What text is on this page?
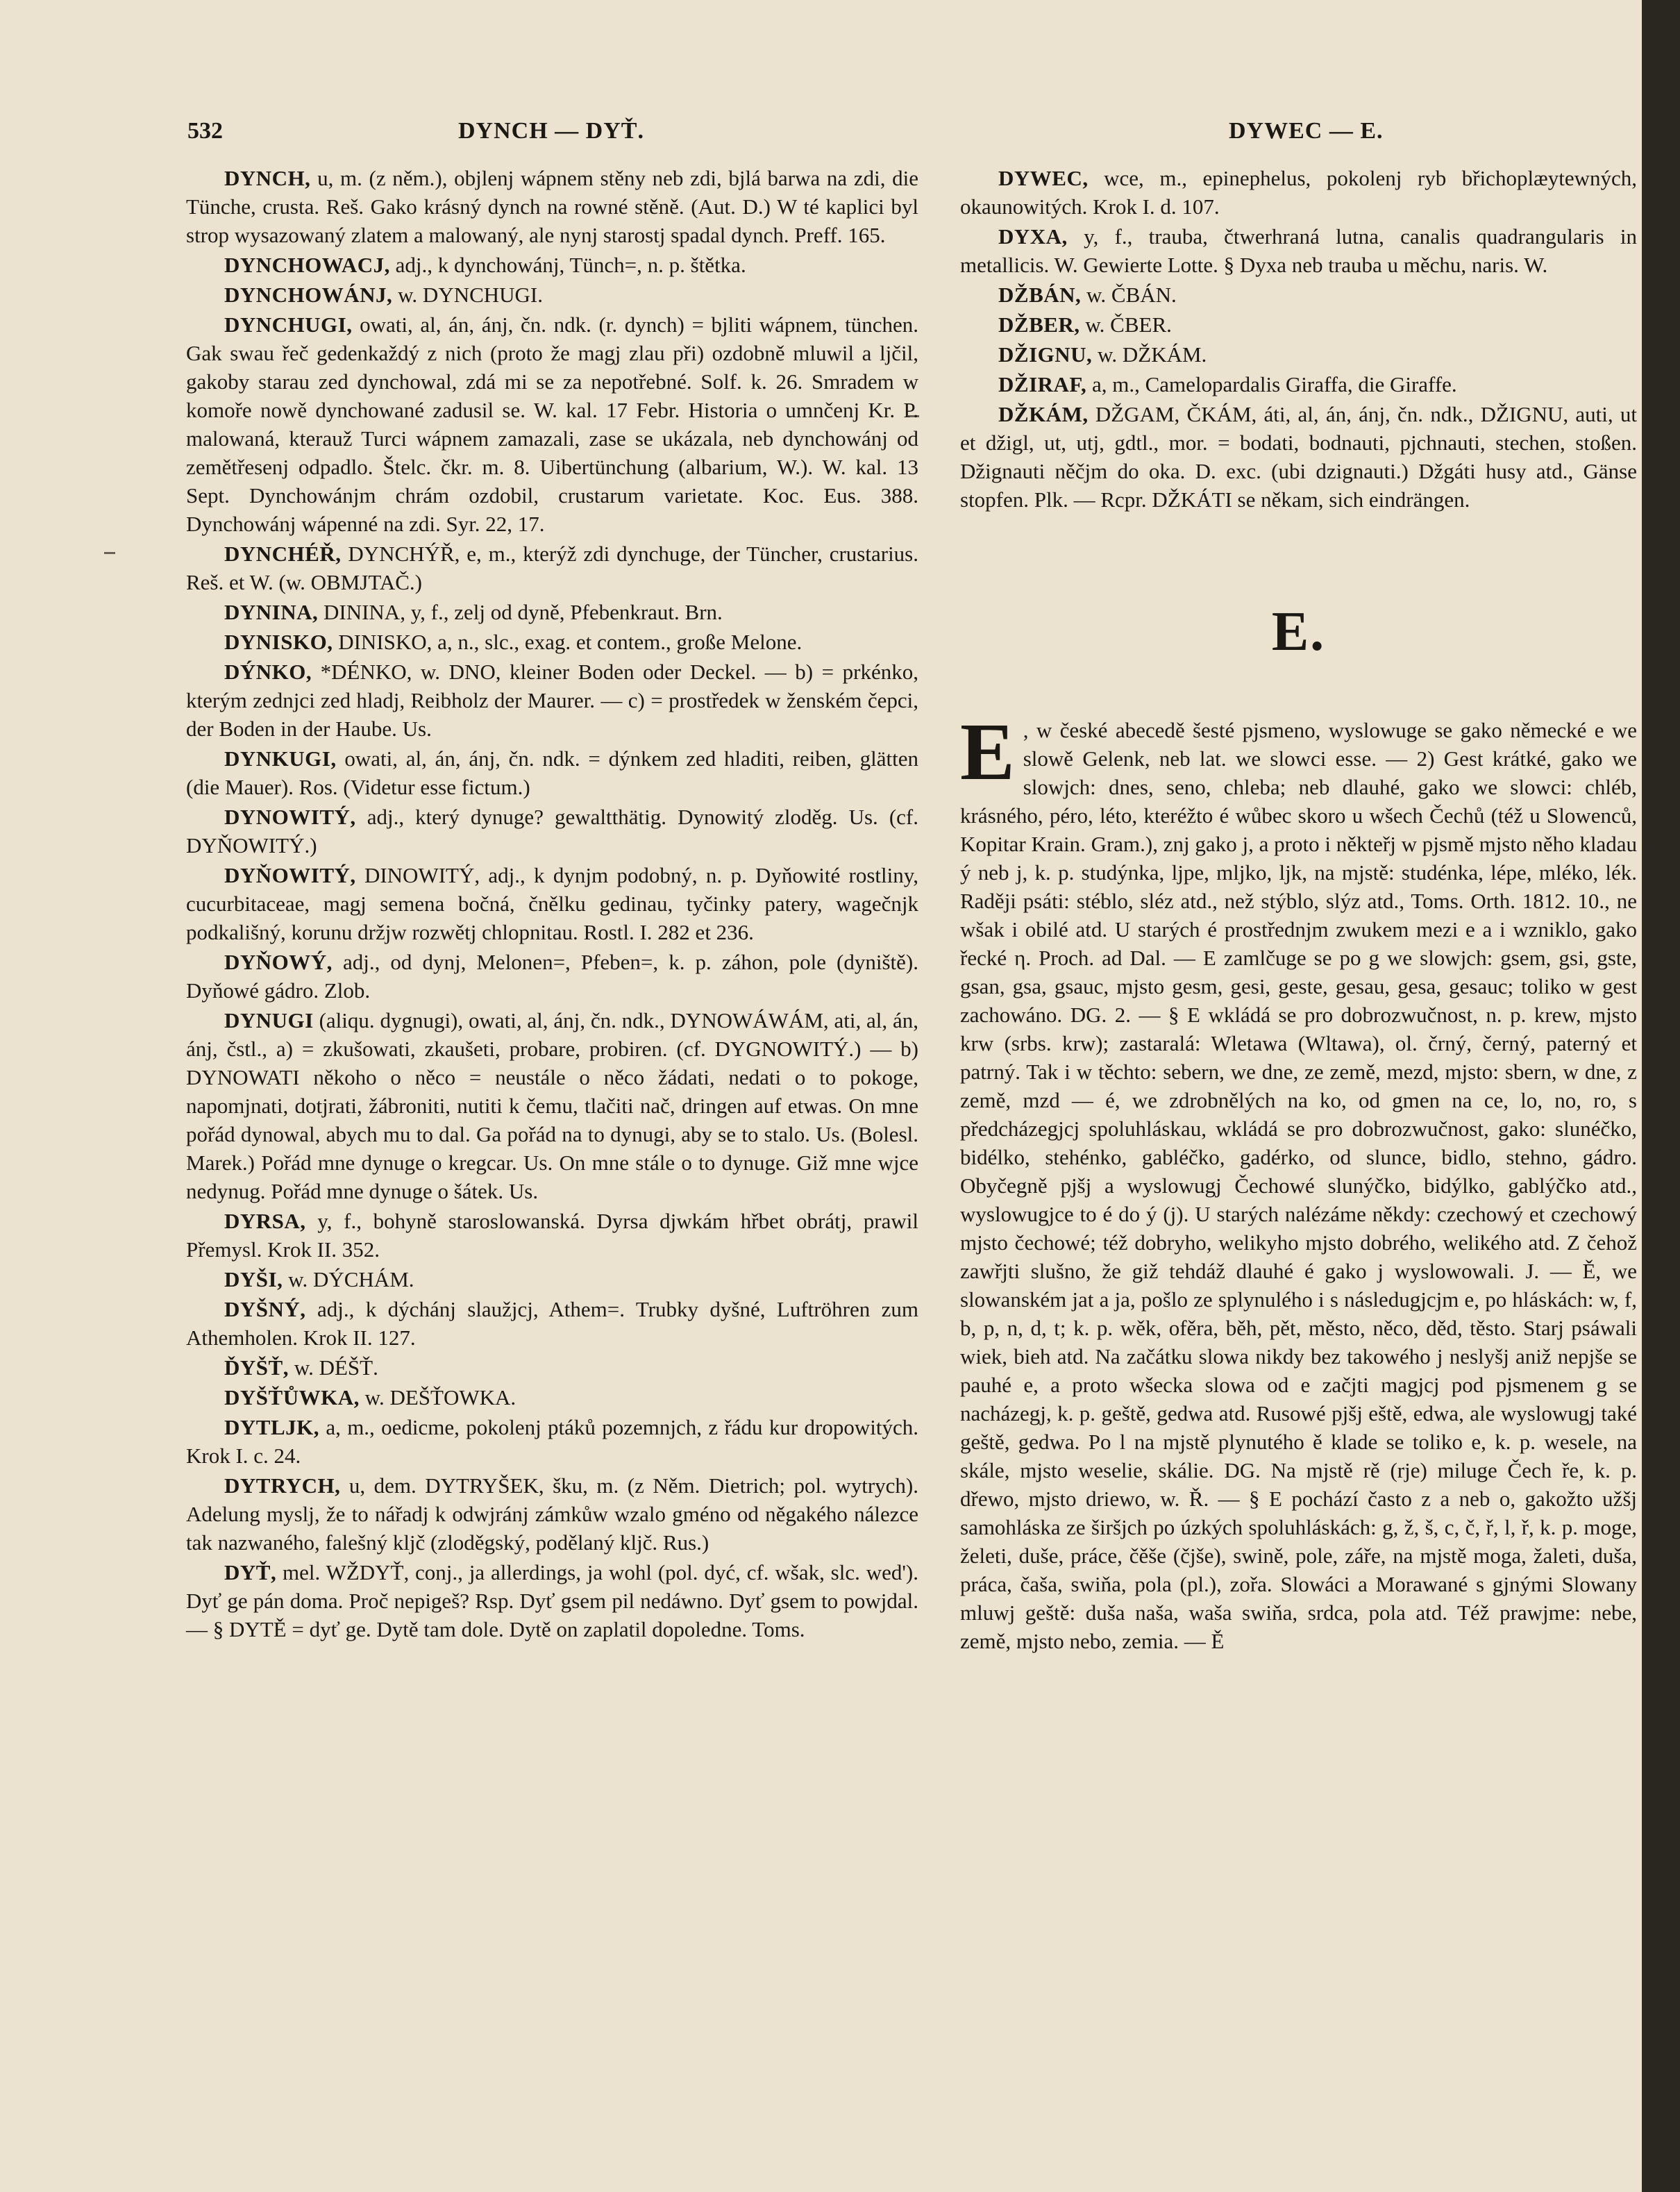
532	DYNCH — DYŤ.	DYWEC — E.

DYNCH, u, m. (z něm.), objlenj wápnem stěny neb zdi, bjlá barwa na zdi, die Tünche, crusta. Reš. Gako krásný dynch na rowné stěně. (Aut. D.) W té kaplici byl strop wysazowaný zlatem a malowaný, ale nynj starostj spadal dynch. Preff. 165.

DYNCHOWACJ, adj., k dynchowánj, Tünch=, n. p. štětka.

DYNCHOWÁNJ, w. DYNCHUGI.

DYNCHUGI, owati, al, án, ánj, čn. ndk. (r. dynch) = bjliti wápnem, tünchen. Gak swau řeč gedenkaždý z nich (proto že magj zlau při) ozdobně mluwil a ljčil, gakoby starau zed dynchowal, zdá mi se za nepotřebné. Solf. k. 26. Smradem w komoře nowě dynchowané zadusil se. W. kal. 17 Febr. Historia o umnčenj Kr. P. malowaná, kterauž Turci wápnem zamazali, zase se ukázala, neb dynchowánj od zemětřesenj odpadlo. Štelc. čkr. m. 8. Uibertünchung (albarium, W.). W. kal. 13 Sept. Dynchowánjm chrám ozdobil, crustarum varietate. Koc. Eus. 388. Dynchowánj wápenné na zdi. Syr. 22, 17.

DYNCHÉŘ, DYNCHÝŘ, e, m., kterýž zdi dynchuge, der Tüncher, crustarius. Reš. et W. (w. OBMJTAČ.)

DYNINA, DININA, y, f., zelj od dyně, Pfebenkraut. Brn.

DYNISKO, DINISKO, a, n., slc., exag. et contem., große Melone.

DÝNKO, *DÉNKO, w. DNO, kleiner Boden oder Deckel. — b) = prkénko, kterým zednjci zed hladj, Reibholz der Maurer. — c) = prostředek w ženském čepci, der Boden in der Haube. Us.

DYNKUGI, owati, al, án, ánj, čn. ndk. = dýnkem zed hladiti, reiben, glätten (die Mauer). Ros. (Videtur esse fictum.)

DYNOWITÝ, adj., který dynuge? gewaltthätig. Dynowitý zloděg. Us. (cf. DYŇOWITÝ.)

DYŇOWITÝ, DINOWITÝ, adj., k dynjm podobný, n. p. Dyňowité rostliny, cucurbitaceae, magj semena bočná, čnělku gedinau, tyčinky patery, wagečnjk podkališný, korunu držjw rozwětj chlopnitau. Rostl. I. 282 et 236.

DYŇOWÝ, adj., od dynj, Melonen=, Pfeben=, k. p. záhon, pole (dyniště). Dyňowé gádro. Zlob.

DYNUGI (aliqu. dygnugi), owati, al, ánj, čn. ndk., DYNOWÁWÁM, ati, al, án, ánj, čstl., a) = zkušowati, zkaušeti, probare, probiren. (cf. DYGNOWITÝ.) — b) DYNOWATI někoho o něco = neustále o něco žádati, nedati o to pokoge, napomjnati, dotjrati, žábroniti, nutiti k čemu, tlačiti nač, dringen auf etwas. On mne pořád dynowal, abych mu to dal. Ga pořád na to dynugi, aby se to stalo. Us. (Bolesl. Marek.) Pořád mne dynuge o kregcar. Us. On mne stále o to dynuge. Giž mne wjce nedynug. Pořád mne dynuge o šátek. Us.

DYRSA, y, f., bohyně staroslowanská. Dyrsa djwkám hřbet obrátj, prawil Přemysl. Krok II. 352.

DYŠI, w. DÝCHÁM.

DYŠNÝ, adj., k dýchánj slaužjcj, Athem=. Trubky dyšné, Luftröhren zum Athemholen. Krok II. 127.

ĎYŠŤ, w. DÉŠŤ.

DYŠŤŮWKA, w. DEŠŤOWKA.

DYTLJK, a, m., oedicme, pokolenj ptáků pozemnjch, z řádu kur dropowitých. Krok I. c. 24.

DYTRYCH, u, dem. DYTRYŠEK, šku, m. (z Něm. Dietrich; pol. wytrych). Adelung myslj, že to nářadj k odwjránj zámkůw wzalo gméno od něgakého nálezce tak nazwaného, falešný kljč (zloděgský, podělaný kljč. Rus.)

DYŤ, mel. WŽDYŤ, conj., ja allerdings, ja wohl (pol. dyć, cf. wšak, slc. wed'). Dyť ge pán doma. Proč nepigeš? Rsp. Dyť gsem pil nedáwno. Dyť gsem to powjdal. — § DYTĚ = dyť ge. Dytě tam dole. Dytě on zaplatil dopoledne. Toms.

DYWEC, wce, m., epinephelus, pokolenj ryb břichoplæytewných, okaunowitých. Krok I. d. 107.

DYXA, y, f., trauba, čtwerhraná lutna, canalis quadrangularis in metallicis. W. Gewierte Lotte. § Dyxa neb trauba u měchu, naris. W.

DŽBÁN, w. ČBÁN.

DŽBER, w. ČBER.

DŽIGNU, w. DŽKÁM.

DŽIRAF, a, m., Camelopardalis Giraffa, die Giraffe.

DŽKÁM, DŽGAM, ČKÁM, áti, al, án, ánj, čn. ndk., DŽIGNU, auti, ut et džigl, ut, utj, gdtl., mor. = bodati, bodnauti, pjchnauti, stechen, stoßen. Džignauti něčjm do oka. D. exc. (ubi dzignauti.) Džgáti husy atd., Gänse stopfen. Plk. — Rcpr. DŽKÁTI se někam, sich eindrängen.

E.

E , w české abecedě šesté pjsmeno, wyslowuge se gako německé e we slowě Gelenk, neb lat. we slowci esse. — 2) Gest krátké, gako we slowjch: dnes, seno, chleba; neb dlauhé, gako we slowci: chléb, krásného, péro, léto, kteréžto é wůbec skoro u wšech Čechů (též u Slowenců, Kopitar Krain. Gram.), znj gako j, a proto i někteřj w pjsmě mjsto něho kladau ý neb j, k. p. studýnka, ljpe, mljko, ljk, na mjstě: studénka, lépe, mléko, lék. Raději psáti: stéblo, sléz atd., než stýblo, slýz atd., Toms. Orth. 1812. 10., ne wšak i obilé atd. U starých é prostřednjm zwukem mezi e a i wzniklo, gako řecké η. Proch. ad Dal. — E zamlčuge se po g we slowjch: gsem, gsi, gste, gsan, gsa, gsauc, mjsto gesm, gesi, geste, gesau, gesa, gesauc; toliko w gest zachowáno. DG. 2. — § E wkládá se pro dobrozwučnost, n. p. krew, mjsto krw (srbs. krw); zastaralá: Wletawa (Wltawa), ol. črný, černý, paterný et patrný. Tak i w těchto: sebern, we dne, ze země, mezd, mjsto: sbern, w dne, z země, mzd — é, we zdrobnělých na ko, od gmen na ce, lo, no, ro, s předcházegjcj spoluhláskau, wkládá se pro dobrozwučnost, gako: slunéčko, bidélko, stehénko, gabléčko, gadérko, od slunce, bidlo, stehno, gádro. Obyčegně pjšj a wyslowugj Čechowé slunýčko, bidýlko, gablýčko atd., wyslowugjce to é do ý (j). U starých nalézáme někdy: czechowý et czechowý mjsto čechowé; též dobryho, welikyho mjsto dobrého, welikého atd. Z čehož zawřjti slušno, že giž tehdáž dlauhé é gako j wyslowowali. J. — Ě, we slowanském jat a ja, pošlo ze splynulého i s následugjcjm e, po hláskách: w, f, b, p, n, d, t; k. p. wěk, ofěra, běh, pět, město, něco, děd, těsto. Starj psáwali wiek, bieh atd. Na začátku slowa nikdy bez takowého j neslyšj aniž nepjše se pauhé e, a proto wšecka slowa od e začjti magjcj pod pjsmenem g se nacházegj, k. p. geště, gedwa atd. Rusowé pjšj eště, edwa, ale wyslowugj také geště, gedwa. Po l na mjstě plynutého ě klade se toliko e, k. p. wesele, na skále, mjsto weselie, skálie. DG. Na mjstě rě (rje) miluge Čech ře, k. p. dřewo, mjsto driewo, w. Ř. — § E pochází často z a neb o, gakožto užšj samohláska ze širšjch po úzkých spoluhláskách: g, ž, š, c, č, ř, l, ř, k. p. moge, želeti, duše, práce, čěše (čjše), swině, pole, záře, na mjstě moga, žaleti, duša, práca, čaša, swiňa, pola (pl.), zořa. Slowáci a Morawané s gjnými Slowany mluwj geště: duša naša, waša swiňa, srdca, pola atd. Též prawjme: nebe, země, mjsto nebo, zemia. — Ě
